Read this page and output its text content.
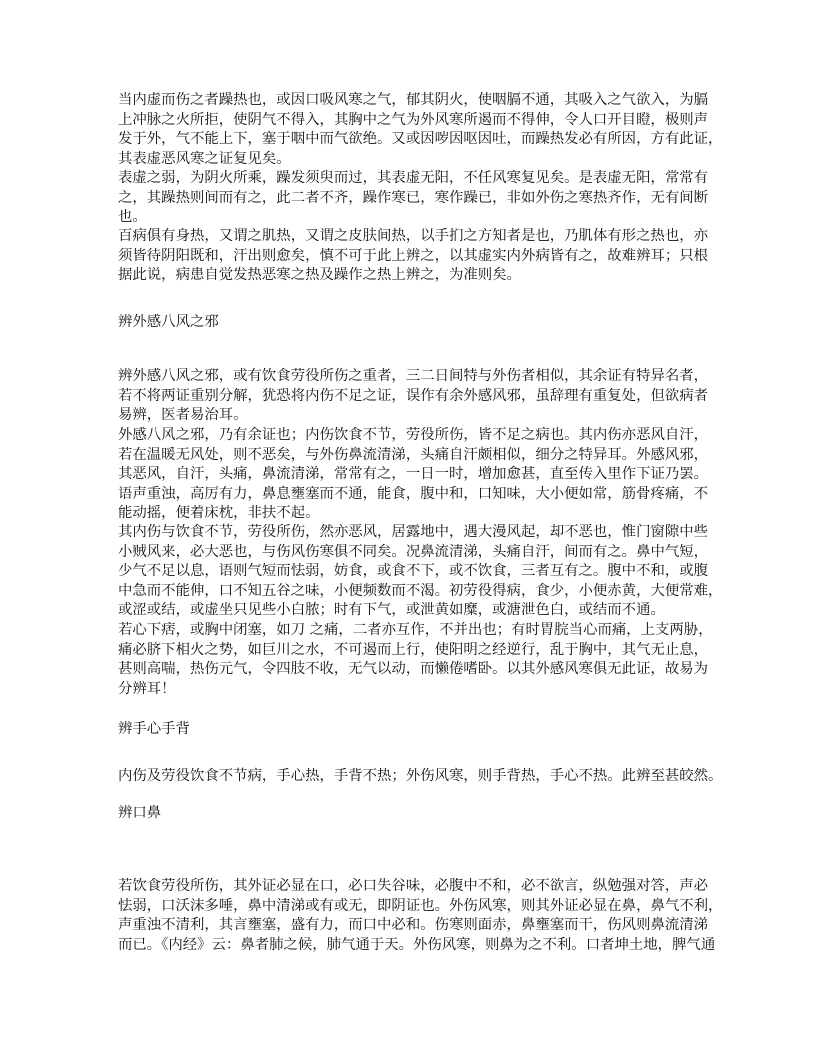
当内虚而伤之者躁热也，或因口吸风寒之气，郁其阴火，使咽膈不通，其吸入之气欲入，为膈
上冲脉之火所拒，使阴气不得入，其胸中之气为外风寒所遏而不得伸，令人口开目瞪，极则声
发于外，气不能上下，塞于咽中而气欲绝。又或因哕因呕因吐，而躁热发必有所因，方有此证，
其表虚恶风寒之证复见矣。
表虚之弱，为阴火所乘，躁发须臾而过，其表虚无阳，不任风寒复见矣。是表虚无阳，常常有
之，其躁热则间而有之，此二者不齐，躁作寒已，寒作躁已，非如外伤之寒热齐作，无有间断
也。
百病俱有身热，又谓之肌热，又谓之皮肤间热，以手扪之方知者是也，乃肌体有形之热也，亦
须皆待阴阳既和，汗出则愈矣，慎不可于此上辨之，以其虚实内外病皆有之，故难辨耳；只根
据此说，病患自觉发热恶寒之热及躁作之热上辨之，为准则矣。
辨外感八风之邪
辨外感八风之邪，或有饮食劳役所伤之重者，三二日间特与外伤者相似，其余证有特异名者，
若不将两证重别分解，犹恐将内伤不足之证，误作有余外感风邪，虽辞理有重复处，但欲病者
易辨，医者易治耳。
外感八风之邪，乃有余证也；内伤饮食不节，劳役所伤，皆不足之病也。其内伤亦恶风自汗，
若在温暖无风处，则不恶矣，与外伤鼻流清涕，头痛自汗颇相似，细分之特异耳。外感风邪，
其恶风，自汗，头痛，鼻流清涕，常常有之，一日一时，增加愈甚，直至传入里作下证乃罢。
语声重浊，高厉有力，鼻息壅塞而不通，能食，腹中和，口知味，大小便如常，筋骨疼痛，不
能动摇，便着床枕，非扶不起。
其内伤与饮食不节，劳役所伤，然亦恶风，居露地中，遇大漫风起，却不恶也，惟门窗隙中些
小贼风来，必大恶也，与伤风伤寒俱不同矣。况鼻流清涕，头痛自汗，间而有之。鼻中气短，
少气不足以息，语则气短而怯弱，妨食，或食不下，或不饮食，三者互有之。腹中不和，或腹
中急而不能伸，口不知五谷之味，小便频数而不渴。初劳役得病，食少，小便赤黄，大便常难，
或涩或结，或虚坐只见些小白脓；时有下气，或泄黄如糜，或溏泄色白，或结而不通。
若心下痞，或胸中闭塞，如刀 之痛，二者亦互作，不并出也；有时胃脘当心而痛，上支两胁，
痛必脐下相火之势，如巨川之水，不可遏而上行，使阳明之经逆行，乱于胸中，其气无止息，
甚则高喘，热伤元气，令四肢不收，无气以动，而懒倦嗜卧。以其外感风寒俱无此证，故易为
分辨耳！
辨手心手背
内伤及劳役饮食不节病，手心热，手背不热；外伤风寒，则手背热，手心不热。此辨至甚皎然。
辨口鼻
若饮食劳役所伤，其外证必显在口，必口失谷味，必腹中不和，必不欲言，纵勉强对答，声必
怯弱，口沃沫多唾，鼻中清涕或有或无，即阴证也。外伤风寒，则其外证必显在鼻，鼻气不利，
声重浊不清利，其言壅塞，盛有力，而口中必和。伤寒则面赤，鼻壅塞而干，伤风则鼻流清涕
而已。《内经》云：鼻者肺之候，肺气通于天。外伤风寒，则鼻为之不利。口者坤土地，脾气通
